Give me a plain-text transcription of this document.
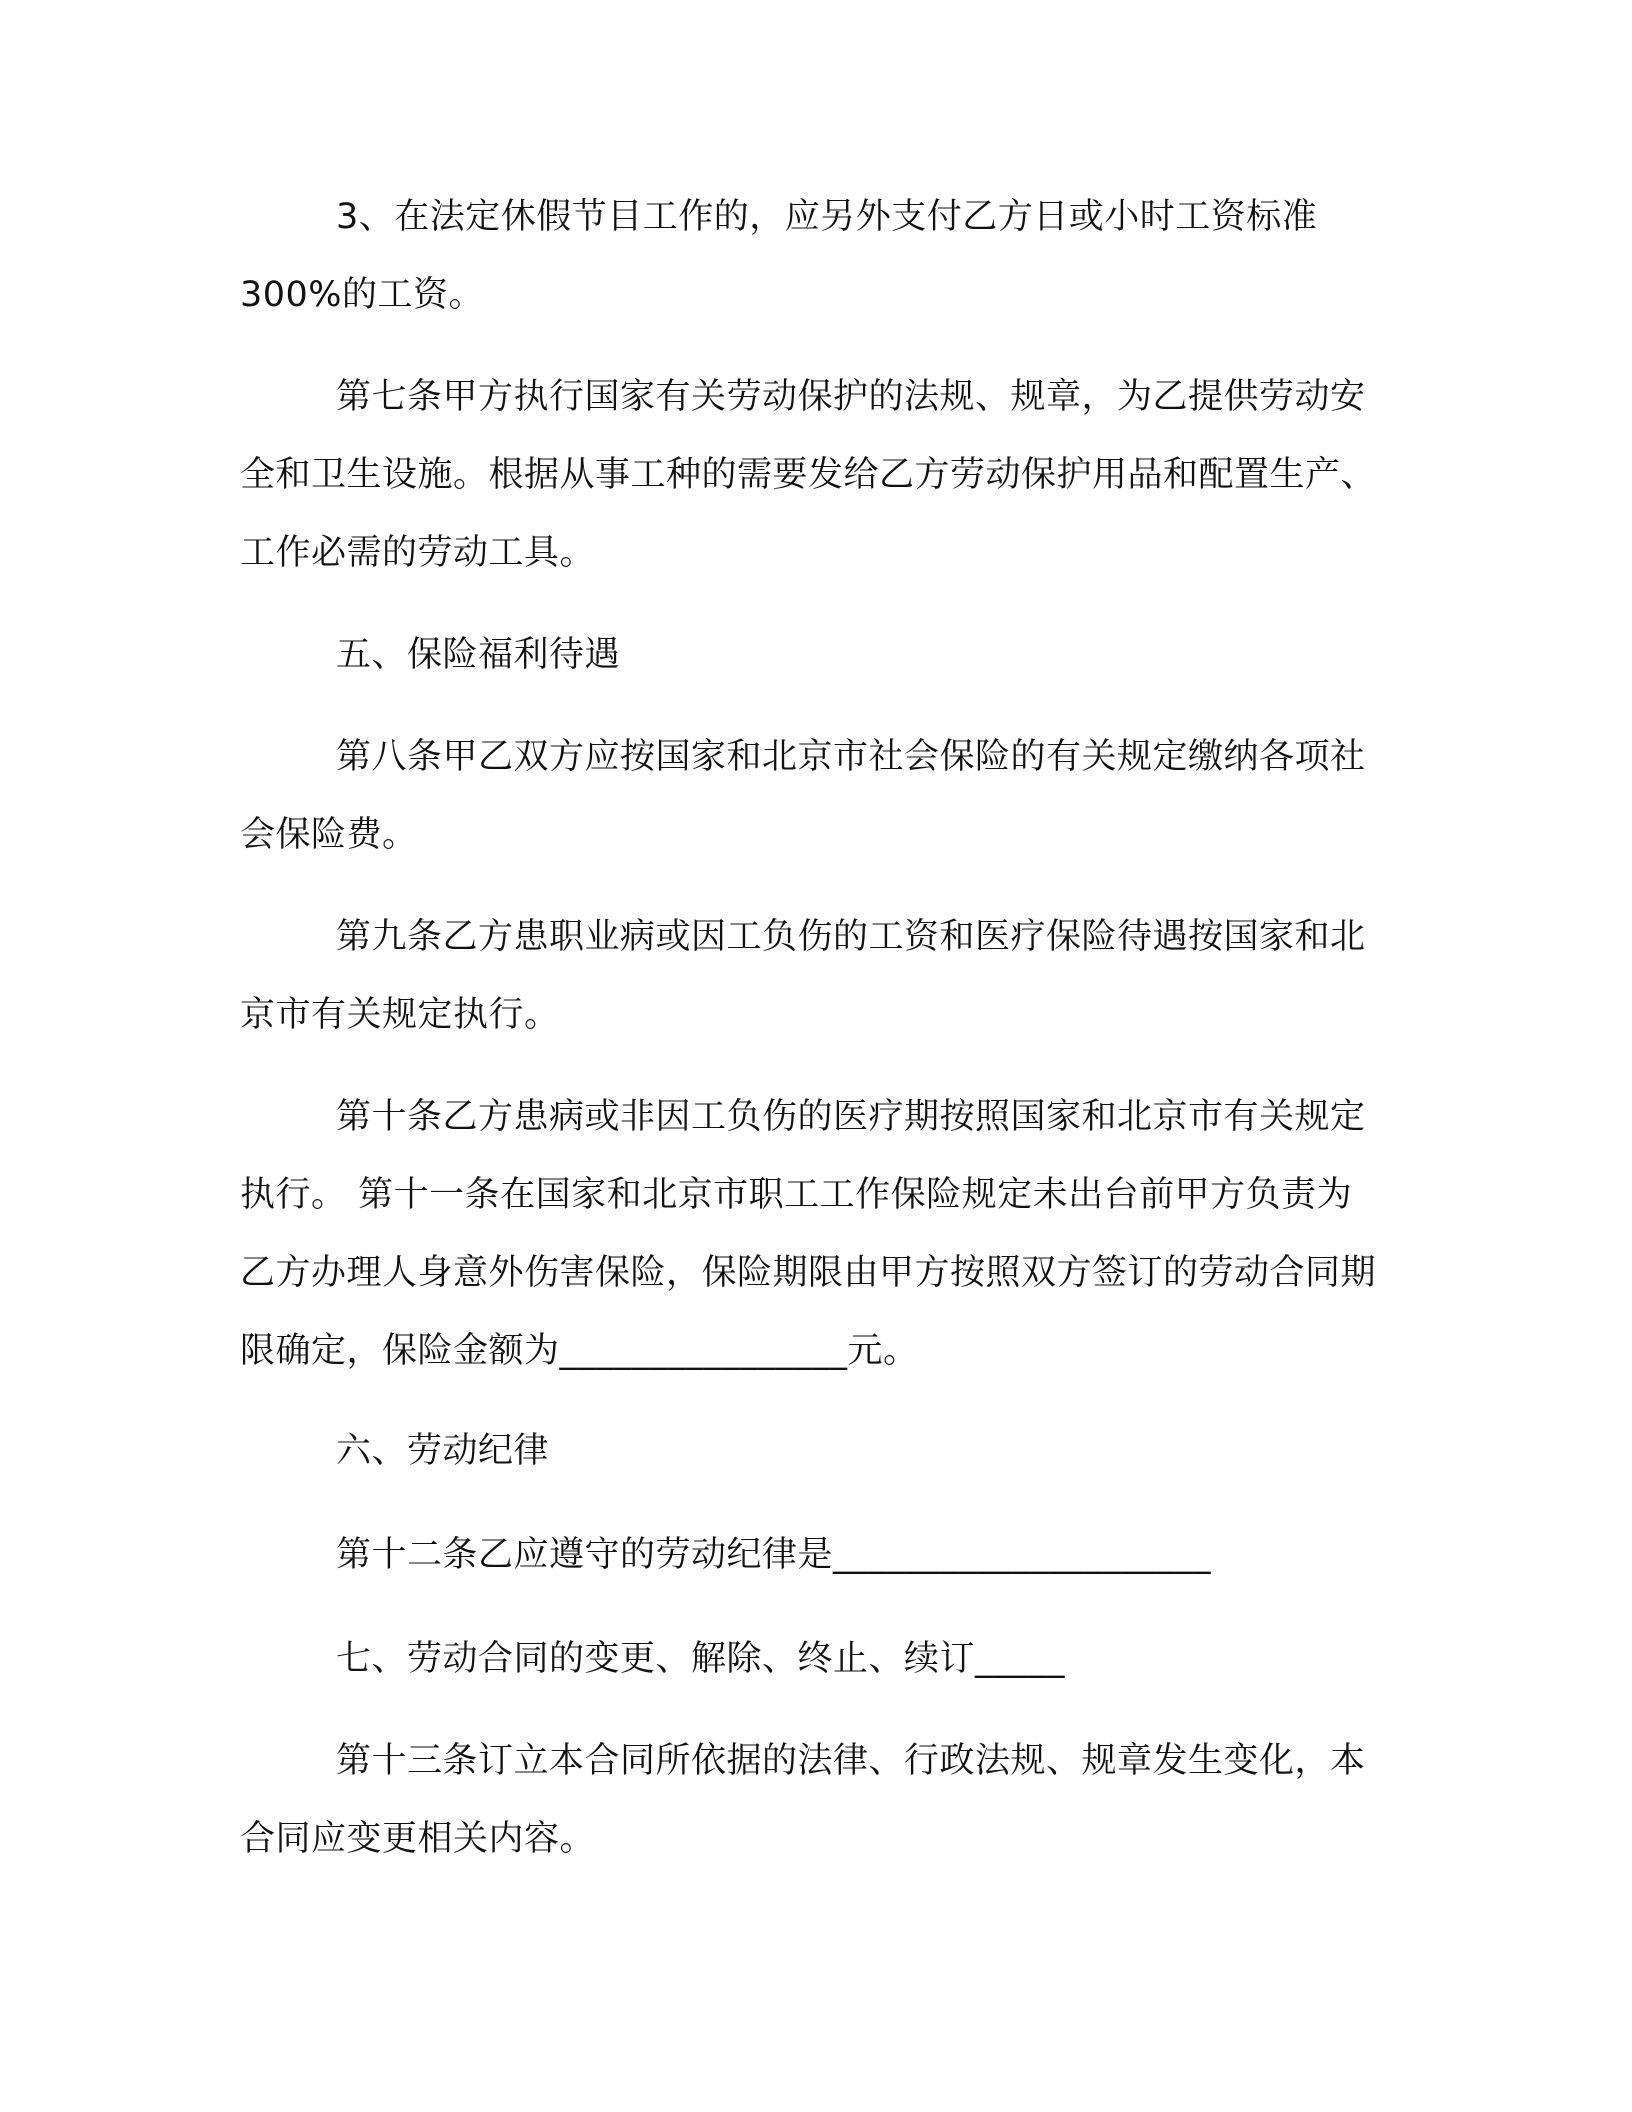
3、在法定休假节目工作的，应另外支付乙方日或小时工资标准300%的工资。

第七条甲方执行国家有关劳动保护的法规、规章，为乙提供劳动安全和卫生设施。根据从事工种的需要发给乙方劳动保护用品和配置生产、工作必需的劳动工具。

五、保险福利待遇

第八条甲乙双方应按国家和北京市社会保险的有关规定缴纳各项社会保险费。

第九条乙方患职业病或因工负伤的工资和医疗保险待遇按国家和北京市有关规定执行。

第十条乙方患病或非因工负伤的医疗期按照国家和北京市有关规定执行。 第十一条在国家和北京市职工工作保险规定未出台前甲方负责为乙方办理人身意外伤害保险，保险期限由甲方按照双方签订的劳动合同期限确定，保险金额为________________元。

六、劳动纪律

第十二条乙应遵守的劳动纪律是_____________________

七、劳动合同的变更、解除、终止、续订_____

第十三条订立本合同所依据的法律、行政法规、规章发生变化，本合同应变更相关内容。
